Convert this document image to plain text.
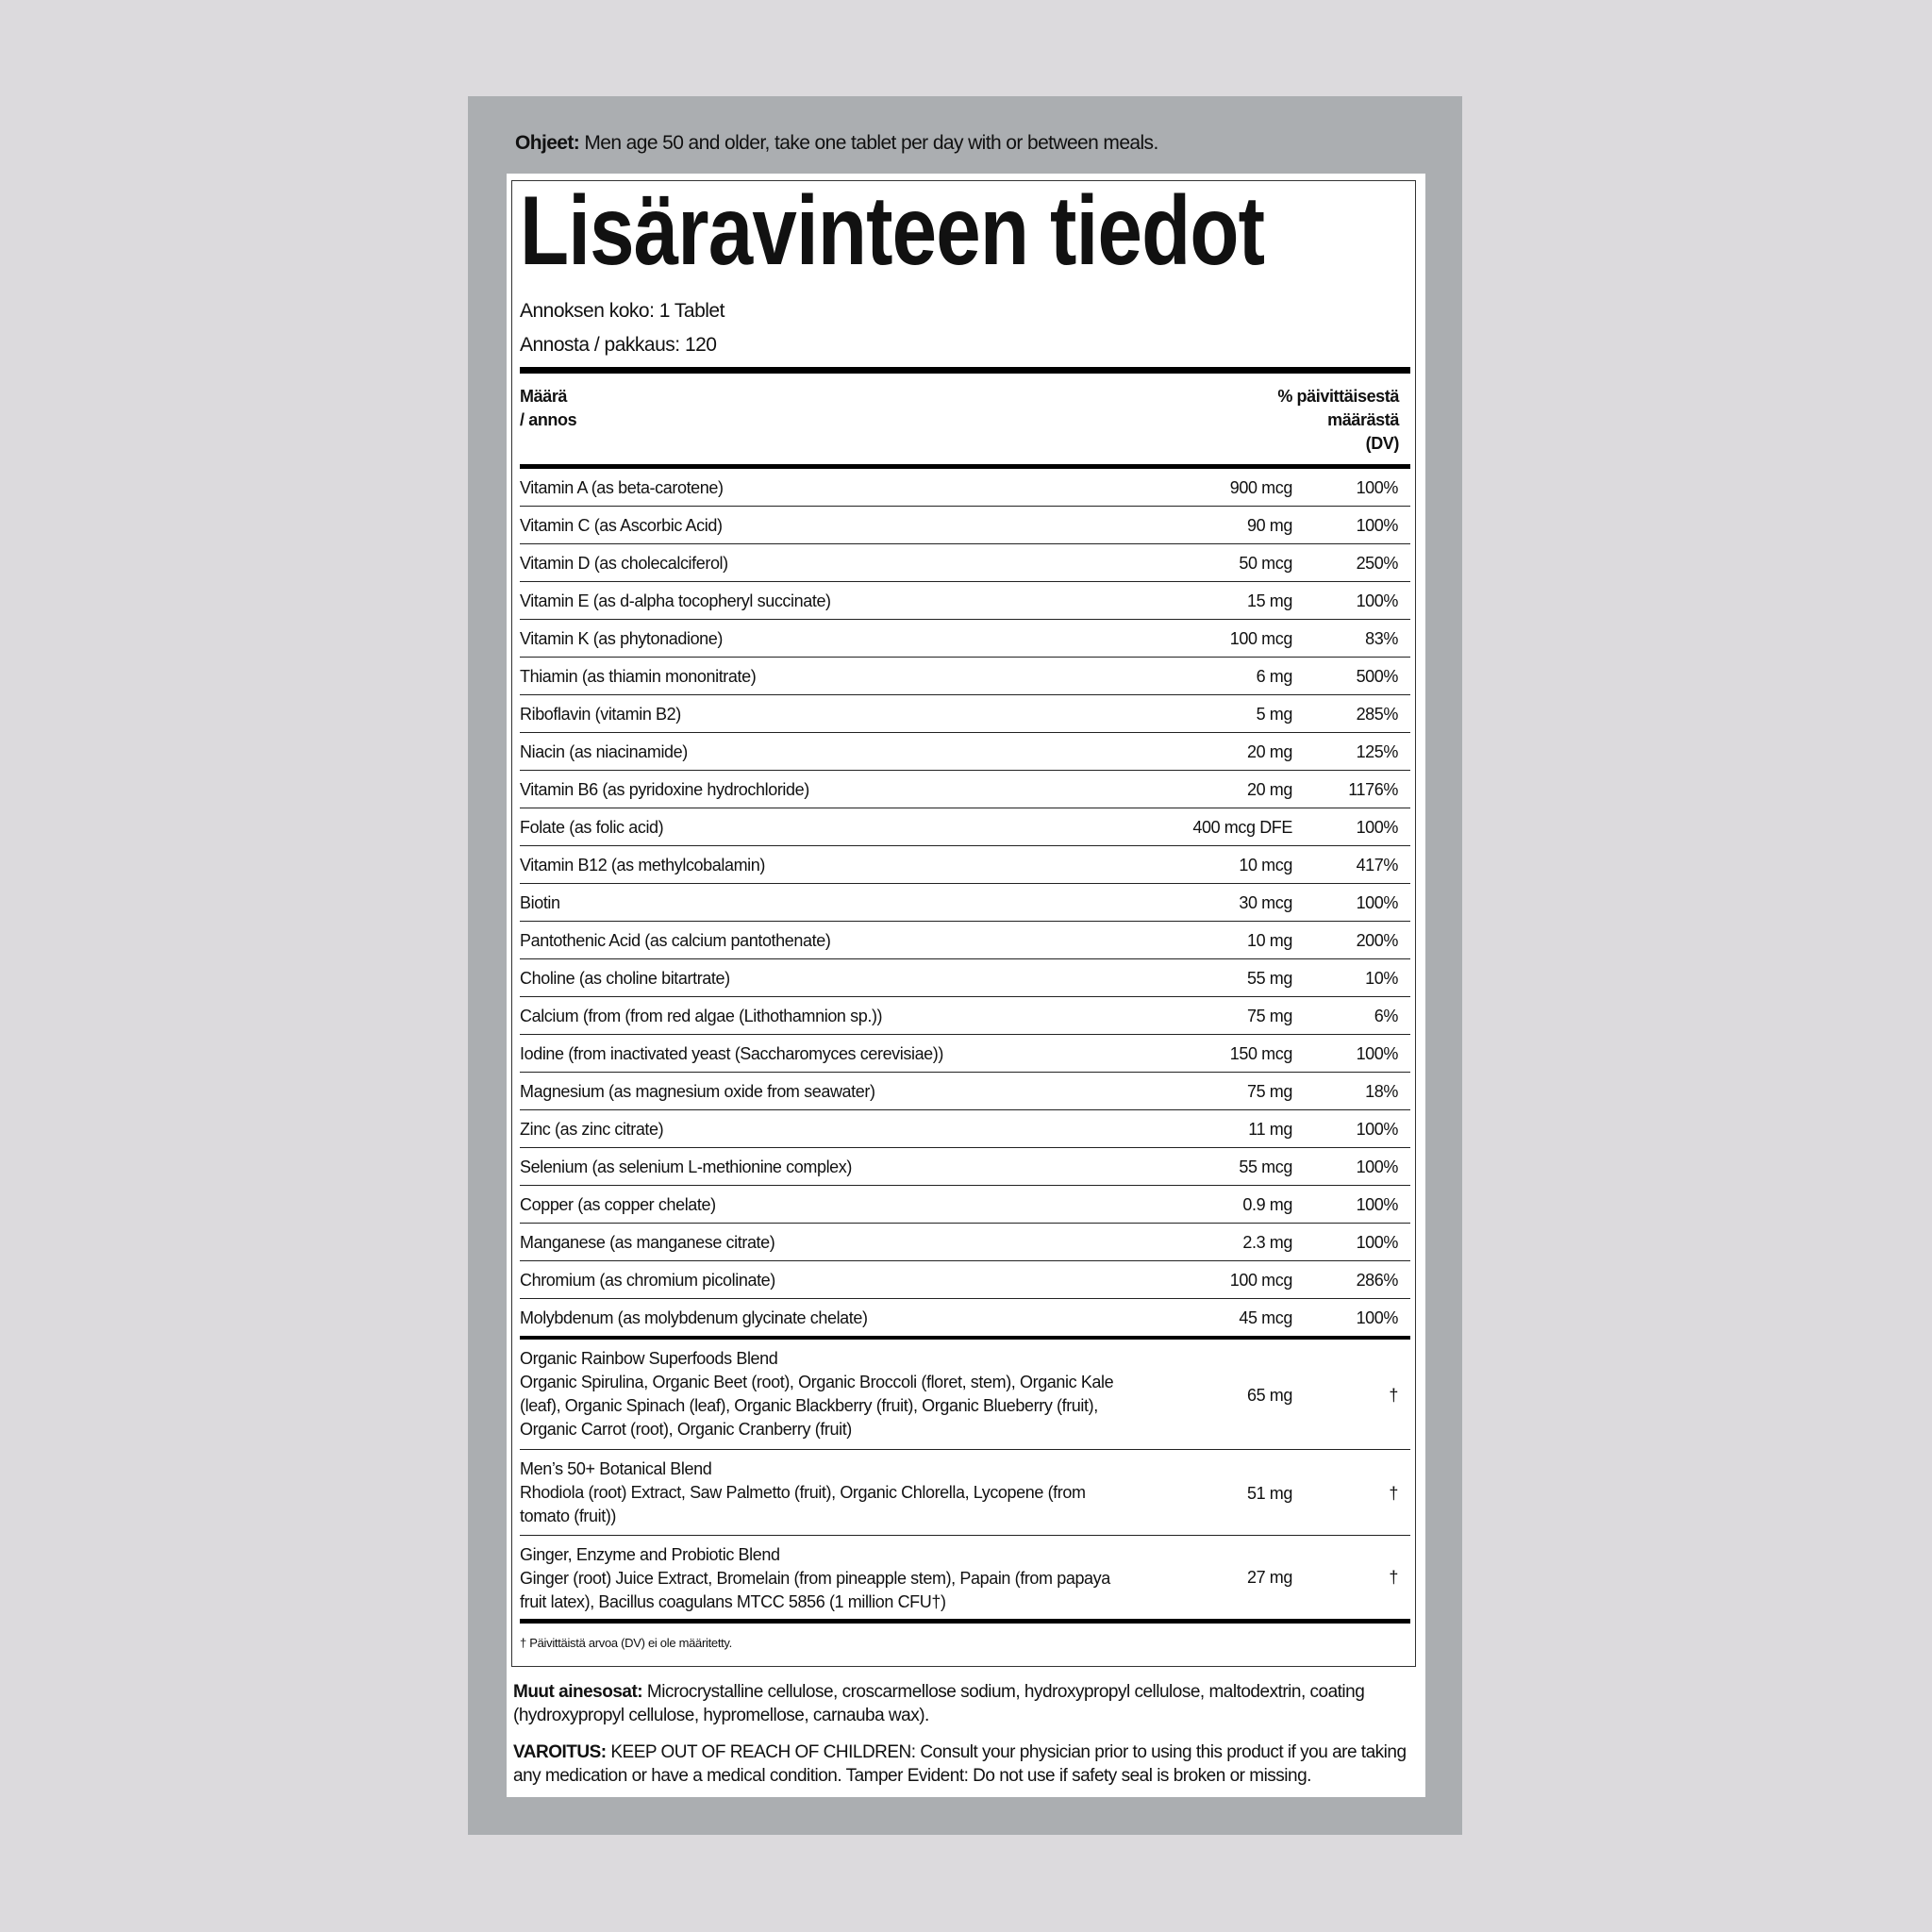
Ohjeet: Men age 50 and older, take one tablet per day with or between meals.
Lisäravinteen tiedot
Annoksen koko: 1 Tablet
Annosta / pakkaus: 120
Määrä
/ annos
% päivittäisestä
määrästä
(DV)
Vitamin A (as beta-carotene)	900 mcg	100%
Vitamin C (as Ascorbic Acid)	90 mg	100%
Vitamin D (as cholecalciferol)	50 mcg	250%
Vitamin E (as d-alpha tocopheryl succinate)	15 mg	100%
Vitamin K (as phytonadione)	100 mcg	83%
Thiamin (as thiamin mononitrate)	6 mg	500%
Riboflavin (vitamin B2)	5 mg	285%
Niacin (as niacinamide)	20 mg	125%
Vitamin B6 (as pyridoxine hydrochloride)	20 mg	1176%
Folate (as folic acid)	400 mcg DFE	100%
Vitamin B12 (as methylcobalamin)	10 mcg	417%
Biotin	30 mcg	100%
Pantothenic Acid (as calcium pantothenate)	10 mg	200%
Choline (as choline bitartrate)	55 mg	10%
Calcium (from (from red algae (Lithothamnion sp.))	75 mg	6%
Iodine (from inactivated yeast (Saccharomyces cerevisiae))	150 mcg	100%
Magnesium (as magnesium oxide from seawater)	75 mg	18%
Zinc (as zinc citrate)	11 mg	100%
Selenium (as selenium L-methionine complex)	55 mcg	100%
Copper (as copper chelate)	0.9 mg	100%
Manganese (as manganese citrate)	2.3 mg	100%
Chromium (as chromium picolinate)	100 mcg	286%
Molybdenum (as molybdenum glycinate chelate)	45 mcg	100%
Organic Rainbow Superfoods Blend
Organic Spirulina, Organic Beet (root), Organic Broccoli (floret, stem), Organic Kale (leaf), Organic Spinach (leaf), Organic Blackberry (fruit), Organic Blueberry (fruit), Organic Carrot (root), Organic Cranberry (fruit)
65 mg	†
Men’s 50+ Botanical Blend
Rhodiola (root) Extract, Saw Palmetto (fruit), Organic Chlorella, Lycopene (from tomato (fruit))
51 mg	†
Ginger, Enzyme and Probiotic Blend
Ginger (root) Juice Extract, Bromelain (from pineapple stem), Papain (from papaya fruit latex), Bacillus coagulans MTCC 5856 (1 million CFU†)
27 mg	†
† Päivittäistä arvoa (DV) ei ole määritetty.
Muut ainesosat: Microcrystalline cellulose, croscarmellose sodium, hydroxypropyl cellulose, maltodextrin, coating (hydroxypropyl cellulose, hypromellose, carnauba wax).
VAROITUS: KEEP OUT OF REACH OF CHILDREN: Consult your physician prior to using this product if you are taking any medication or have a medical condition. Tamper Evident: Do not use if safety seal is broken or missing.
